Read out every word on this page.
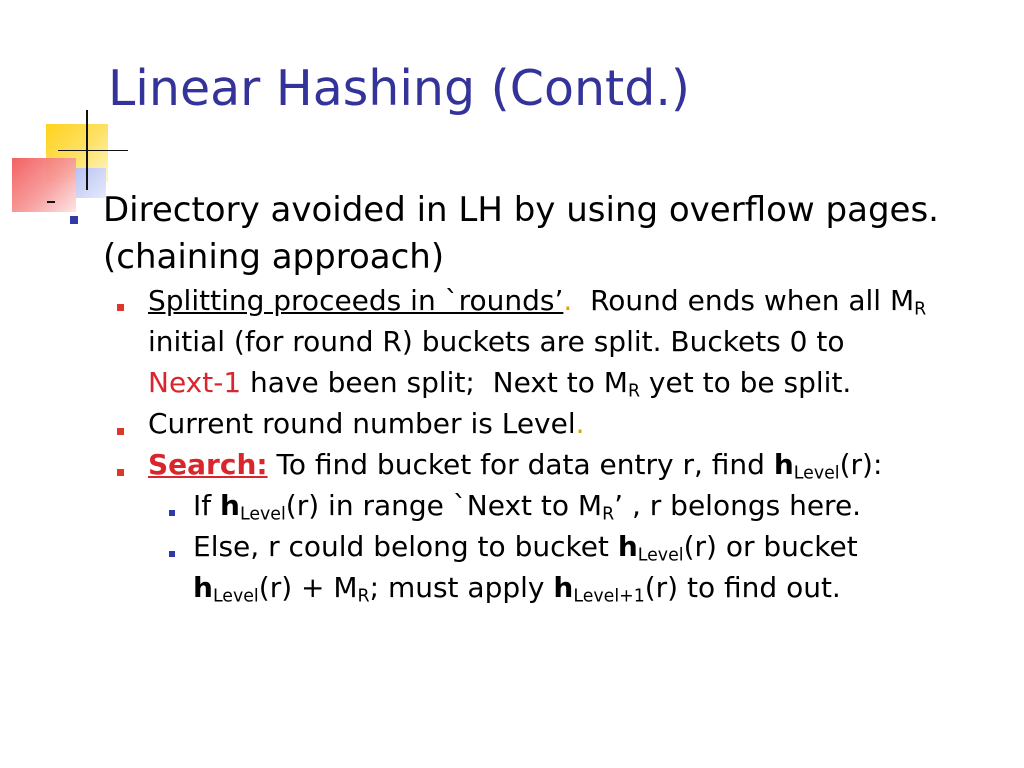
Linear Hashing (Contd.)
Directory avoided in LH by using overflow pages.
(chaining approach)
Splitting proceeds in `rounds’.  Round ends when all $M_R$
initial (for round R) buckets are split. Buckets 0 to
Next-1 have been split;  Next to $M_R$ yet to be split.
Current round number is Level.
Search: To find bucket for data entry r, find $h_{Level}(r)$:
If $h_{Level}(r)$ in range `Next to $M_R$’ , r belongs here.
Else, r could belong to bucket $h_{Level}(r)$ or bucket
$h_{Level}(r) + M_R$; must apply $h_{Level+1}(r)$ to find out.
